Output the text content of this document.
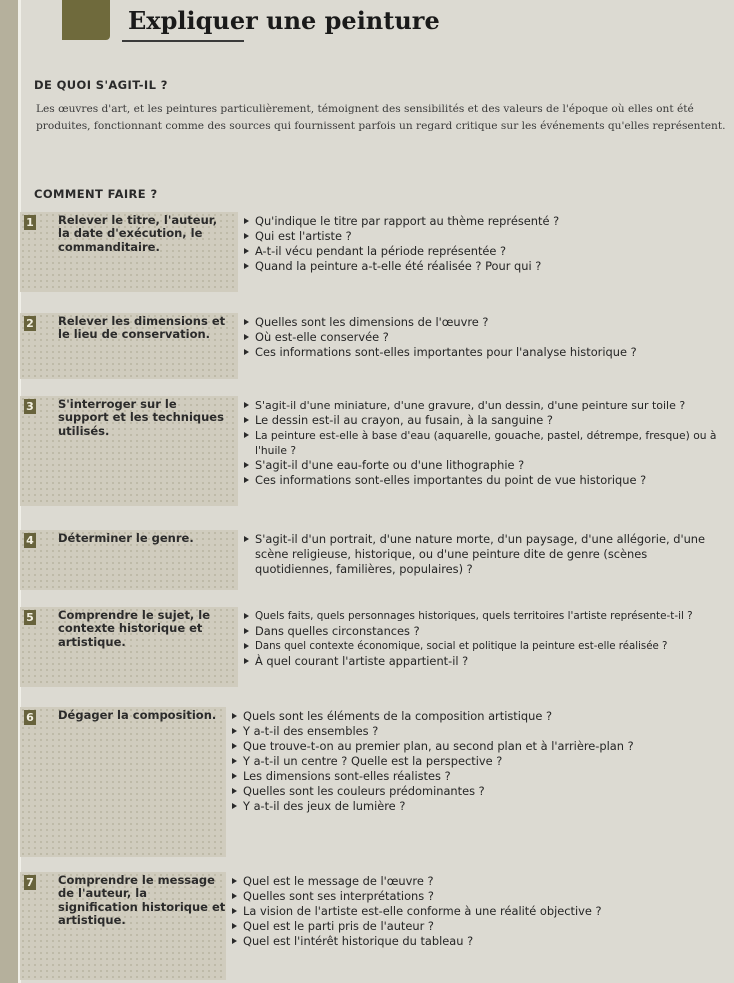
Expliquer une peinture
DE QUOI S'AGIT-IL ?
Les œuvres d'art, et les peintures particulièrement, témoignent des sensibilités et des valeurs de l'époque où elles ont été produites, fonctionnant comme des sources qui fournissent parfois un regard critique sur les événements qu'elles représentent.
COMMENT FAIRE ?
1 Relever le titre, l'auteur, la date d'exécution, le commanditaire.
Qu'indique le titre par rapport au thème représenté ?
Qui est l'artiste ?
A-t-il vécu pendant la période représentée ?
Quand la peinture a-t-elle été réalisée ? Pour qui ?
2 Relever les dimensions et le lieu de conservation.
Quelles sont les dimensions de l'œuvre ?
Où est-elle conservée ?
Ces informations sont-elles importantes pour l'analyse historique ?
3 S'interroger sur le support et les techniques utilisés.
S'agit-il d'une miniature, d'une gravure, d'un dessin, d'une peinture sur toile ?
Le dessin est-il au crayon, au fusain, à la sanguine ?
La peinture est-elle à base d'eau (aquarelle, gouache, pastel, détrempe, fresque) ou à l'huile ?
S'agit-il d'une eau-forte ou d'une lithographie ?
Ces informations sont-elles importantes du point de vue historique ?
4 Déterminer le genre.	S'agit-il d'un portrait, d'une nature morte, d'un paysage, d'une allégorie, d'une scène religieuse, historique, ou d'une peinture dite de genre (scènes quotidiennes, familières, populaires) ?
5 Comprendre le sujet, le contexte historique et artistique.
Quels faits, quels personnages historiques, quels territoires l'artiste représente-t-il ?
Dans quelles circonstances ?
Dans quel contexte économique, social et politique la peinture est-elle réalisée ?
À quel courant l'artiste appartient-il ?
6 Dégager la composition.	Quels sont les éléments de la composition artistique ?
Y a-t-il des ensembles ?
Que trouve-t-on au premier plan, au second plan et à l'arrière-plan ?
Y a-t-il un centre ? Quelle est la perspective ?
Les dimensions sont-elles réalistes ?
Quelles sont les couleurs prédominantes ?
Y a-t-il des jeux de lumière ?
7 Comprendre le message de l'auteur, la signification historique et artistique.
Quel est le message de l'œuvre ?
Quelles sont ses interprétations ?
La vision de l'artiste est-elle conforme à une réalité objective ?
Quel est le parti pris de l'auteur ?
Quel est l'intérêt historique du tableau ?
